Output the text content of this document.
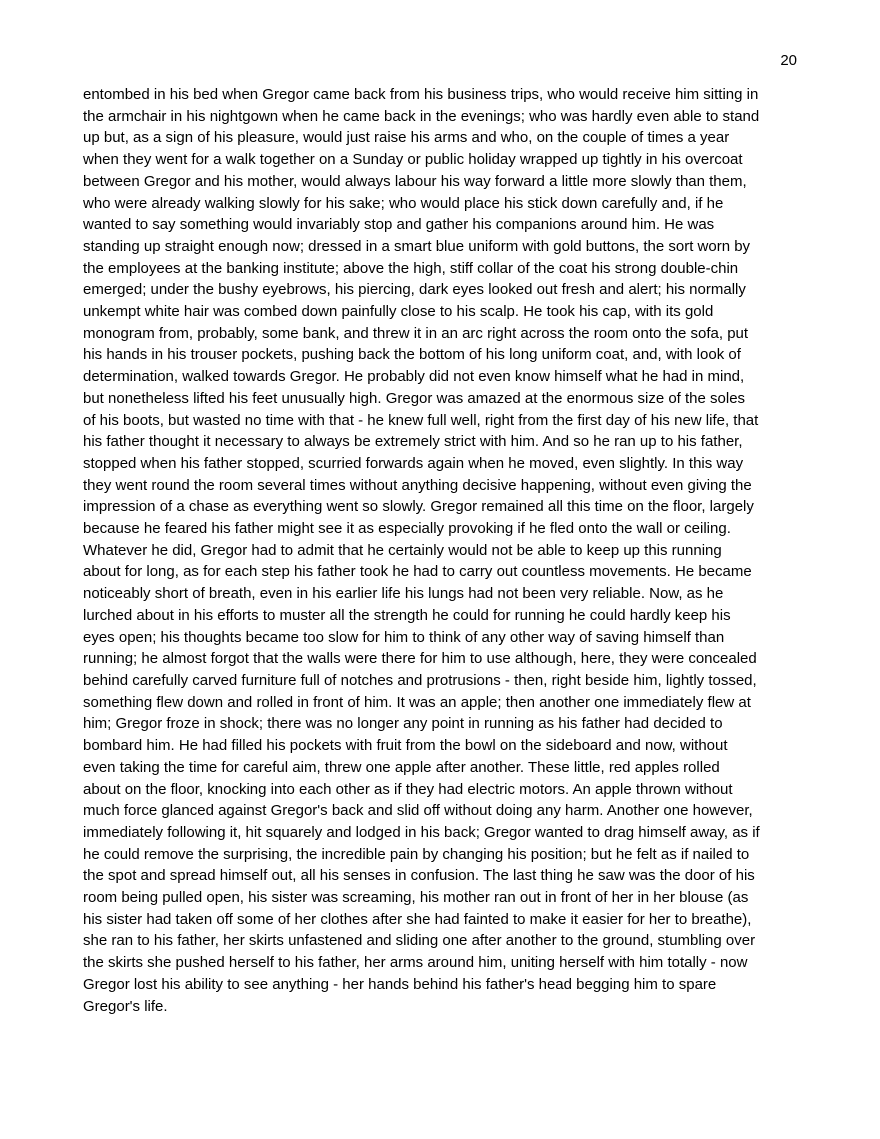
20
entombed in his bed when Gregor came back from his business trips, who would receive him sitting in
the armchair in his nightgown when he came back in the evenings; who was hardly even able to stand
up but, as a sign of his pleasure, would just raise his arms and who, on the couple of times a year
when they went for a walk together on a Sunday or public holiday wrapped up tightly in his overcoat
between Gregor and his mother, would always labour his way forward a little more slowly than them,
who were already walking slowly for his sake; who would place his stick down carefully and, if he
wanted to say something would invariably stop and gather his companions around him. He was
standing up straight enough now; dressed in a smart blue uniform with gold buttons, the sort worn by
the employees at the banking institute; above the high, stiff collar of the coat his strong double-chin
emerged; under the bushy eyebrows, his piercing, dark eyes looked out fresh and alert; his normally
unkempt white hair was combed down painfully close to his scalp. He took his cap, with its gold
monogram from, probably, some bank, and threw it in an arc right across the room onto the sofa, put
his hands in his trouser pockets, pushing back the bottom of his long uniform coat, and, with look of
determination, walked towards Gregor. He probably did not even know himself what he had in mind,
but nonetheless lifted his feet unusually high. Gregor was amazed at the enormous size of the soles
of his boots, but wasted no time with that - he knew full well, right from the first day of his new life, that
his father thought it necessary to always be extremely strict with him. And so he ran up to his father,
stopped when his father stopped, scurried forwards again when he moved, even slightly. In this way
they went round the room several times without anything decisive happening, without even giving the
impression of a chase as everything went so slowly. Gregor remained all this time on the floor, largely
because he feared his father might see it as especially provoking if he fled onto the wall or ceiling.
Whatever he did, Gregor had to admit that he certainly would not be able to keep up this running
about for long, as for each step his father took he had to carry out countless movements. He became
noticeably short of breath, even in his earlier life his lungs had not been very reliable. Now, as he
lurched about in his efforts to muster all the strength he could for running he could hardly keep his
eyes open; his thoughts became too slow for him to think of any other way of saving himself than
running; he almost forgot that the walls were there for him to use although, here, they were concealed
behind carefully carved furniture full of notches and protrusions - then, right beside him, lightly tossed,
something flew down and rolled in front of him. It was an apple; then another one immediately flew at
him; Gregor froze in shock; there was no longer any point in running as his father had decided to
bombard him. He had filled his pockets with fruit from the bowl on the sideboard and now, without
even taking the time for careful aim, threw one apple after another. These little, red apples rolled
about on the floor, knocking into each other as if they had electric motors. An apple thrown without
much force glanced against Gregor's back and slid off without doing any harm. Another one however,
immediately following it, hit squarely and lodged in his back; Gregor wanted to drag himself away, as if
he could remove the surprising, the incredible pain by changing his position; but he felt as if nailed to
the spot and spread himself out, all his senses in confusion. The last thing he saw was the door of his
room being pulled open, his sister was screaming, his mother ran out in front of her in her blouse (as
his sister had taken off some of her clothes after she had fainted to make it easier for her to breathe),
she ran to his father, her skirts unfastened and sliding one after another to the ground, stumbling over
the skirts she pushed herself to his father, her arms around him, uniting herself with him totally - now
Gregor lost his ability to see anything - her hands behind his father's head begging him to spare
Gregor's life.
